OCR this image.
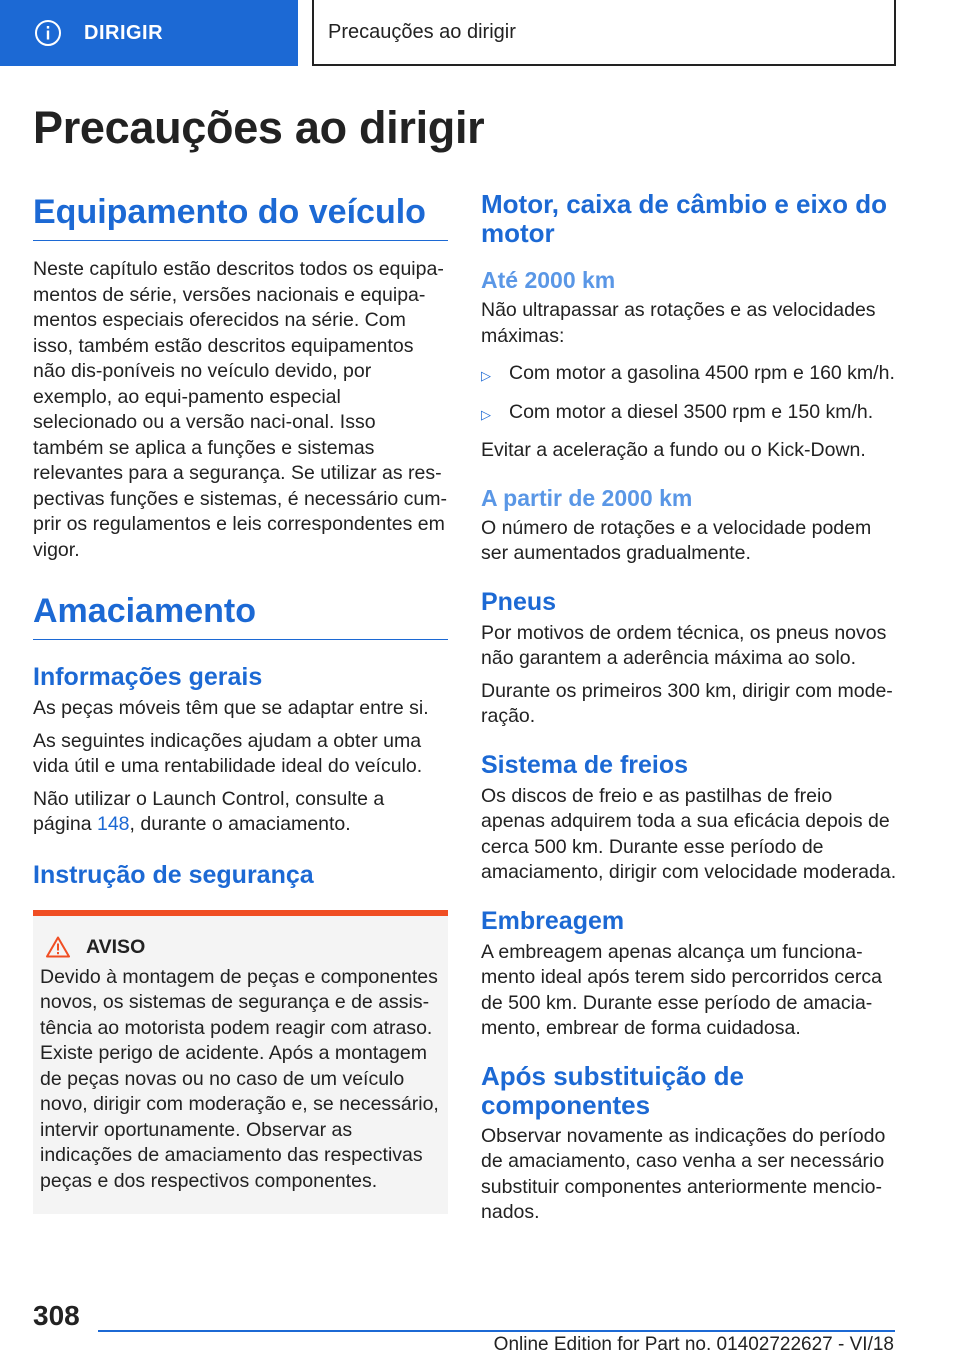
DIRIGIR	Precauções ao dirigir
Precauções ao dirigir
Equipamento do veículo
Neste capítulo estão descritos todos os equipa-mentos de série, versões nacionais e equipa-mentos especiais oferecidos na série. Com isso, também estão descritos equipamentos não dis-poníveis no veículo devido, por exemplo, ao equi-pamento especial selecionado ou a versão naci-onal. Isso também se aplica a funções e sistemas relevantes para a segurança. Se utilizar as res-pectivas funções e sistemas, é necessário cum-prir os regulamentos e leis correspondentes em vigor.
Amaciamento
Informações gerais
As peças móveis têm que se adaptar entre si.
As seguintes indicações ajudam a obter uma vida útil e uma rentabilidade ideal do veículo.
Não utilizar o Launch Control, consulte a página 148, durante o amaciamento.
Instrução de segurança
AVISO
Devido à montagem de peças e componentes novos, os sistemas de segurança e de assis-tência ao motorista podem reagir com atraso. Existe perigo de acidente. Após a montagem de peças novas ou no caso de um veículo novo, dirigir com moderação e, se necessário, intervir oportunamente. Observar as indicações de amaciamento das respectivas peças e dos respectivos componentes.
Motor, caixa de câmbio e eixo do motor
Até 2000 km
Não ultrapassar as rotações e as velocidades máximas:
▷ Com motor a gasolina 4500 rpm e 160 km/h.
▷ Com motor a diesel 3500 rpm e 150 km/h.
Evitar a aceleração a fundo ou o Kick-Down.
A partir de 2000 km
O número de rotações e a velocidade podem ser aumentados gradualmente.
Pneus
Por motivos de ordem técnica, os pneus novos não garantem a aderência máxima ao solo.
Durante os primeiros 300 km, dirigir com mode-ração.
Sistema de freios
Os discos de freio e as pastilhas de freio apenas adquirem toda a sua eficácia depois de cerca 500 km. Durante esse período de amaciamento, dirigir com velocidade moderada.
Embreagem
A embreagem apenas alcança um funciona-mento ideal após terem sido percorridos cerca de 500 km. Durante esse período de amacia-mento, embrear de forma cuidadosa.
Após substituição de componentes
Observar novamente as indicações do período de amaciamento, caso venha a ser necessário substituir componentes anteriormente mencio-nados.
308
Online Edition for Part no. 01402722627 - VI/18
